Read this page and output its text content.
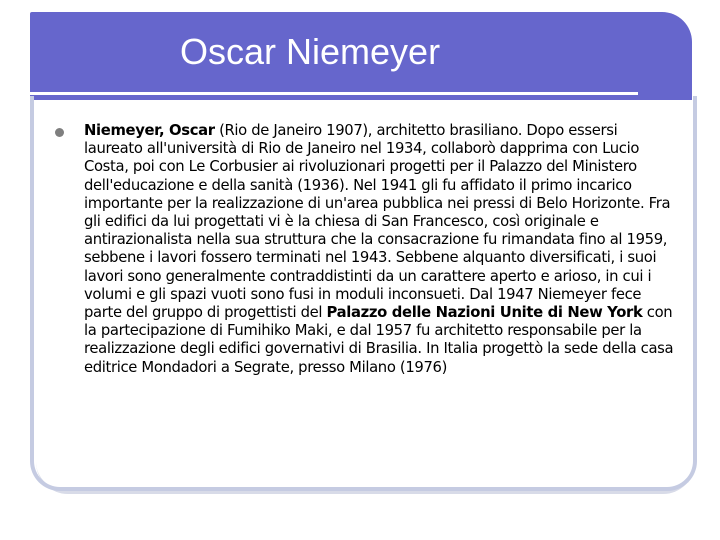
Oscar Niemeyer

Niemeyer, Oscar (Rio de Janeiro 1907), architetto brasiliano. Dopo essersi laureato all'università di Rio de Janeiro nel 1934, collaborò dapprima con Lucio Costa, poi con Le Corbusier ai rivoluzionari progetti per il Palazzo del Ministero dell'educazione e della sanità (1936). Nel 1941 gli fu affidato il primo incarico importante per la realizzazione di un'area pubblica nei pressi di Belo Horizonte. Fra gli edifici da lui progettati vi è la chiesa di San Francesco, così originale e antirazionalista nella sua struttura che la consacrazione fu rimandata fino al 1959, sebbene i lavori fossero terminati nel 1943. Sebbene alquanto diversificati, i suoi lavori sono generalmente contraddistinti da un carattere aperto e arioso, in cui i volumi e gli spazi vuoti sono fusi in moduli inconsueti. Dal 1947 Niemeyer fece parte del gruppo di progettisti del Palazzo delle Nazioni Unite di New York con la partecipazione di Fumihiko Maki, e dal 1957 fu architetto responsabile per la realizzazione degli edifici governativi di Brasilia. In Italia progettò la sede della casa editrice Mondadori a Segrate, presso Milano (1976)
